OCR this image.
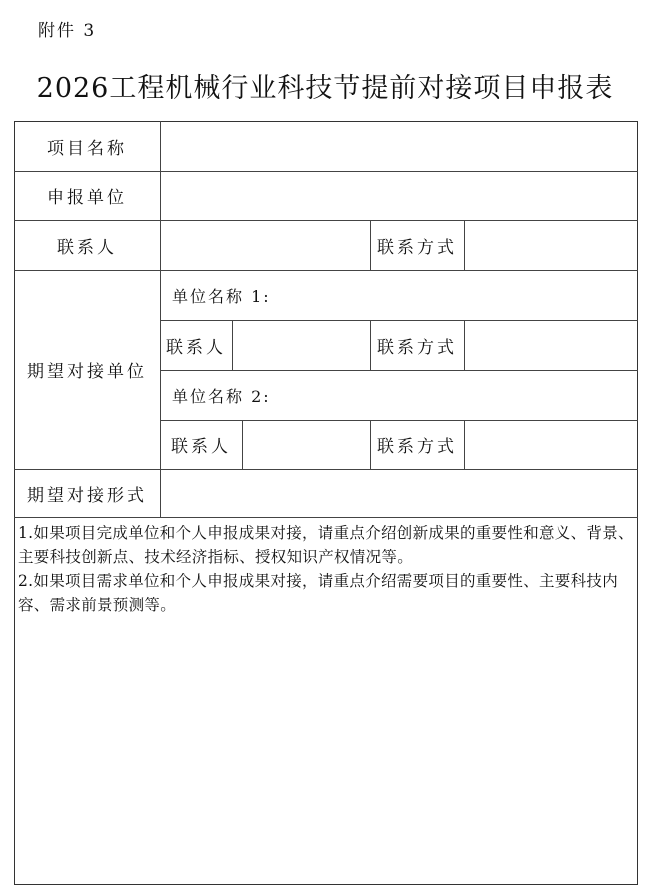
附件 3
2026工程机械行业科技节提前对接项目申报表
项目名称
申报单位
联系人	联系方式
期望对接单位
单位名称 1:
联系人	联系方式
单位名称 2:
联系人	联系方式
期望对接形式

1.如果项目完成单位和个人申报成果对接，请重点介绍创新成果的重要性和意义、背景、主要科技创新点、技术经济指标、授权知识产权情况等。

2.如果项目需求单位和个人申报成果对接，请重点介绍需要项目的重要性、主要科技内容、需求前景预测等。
